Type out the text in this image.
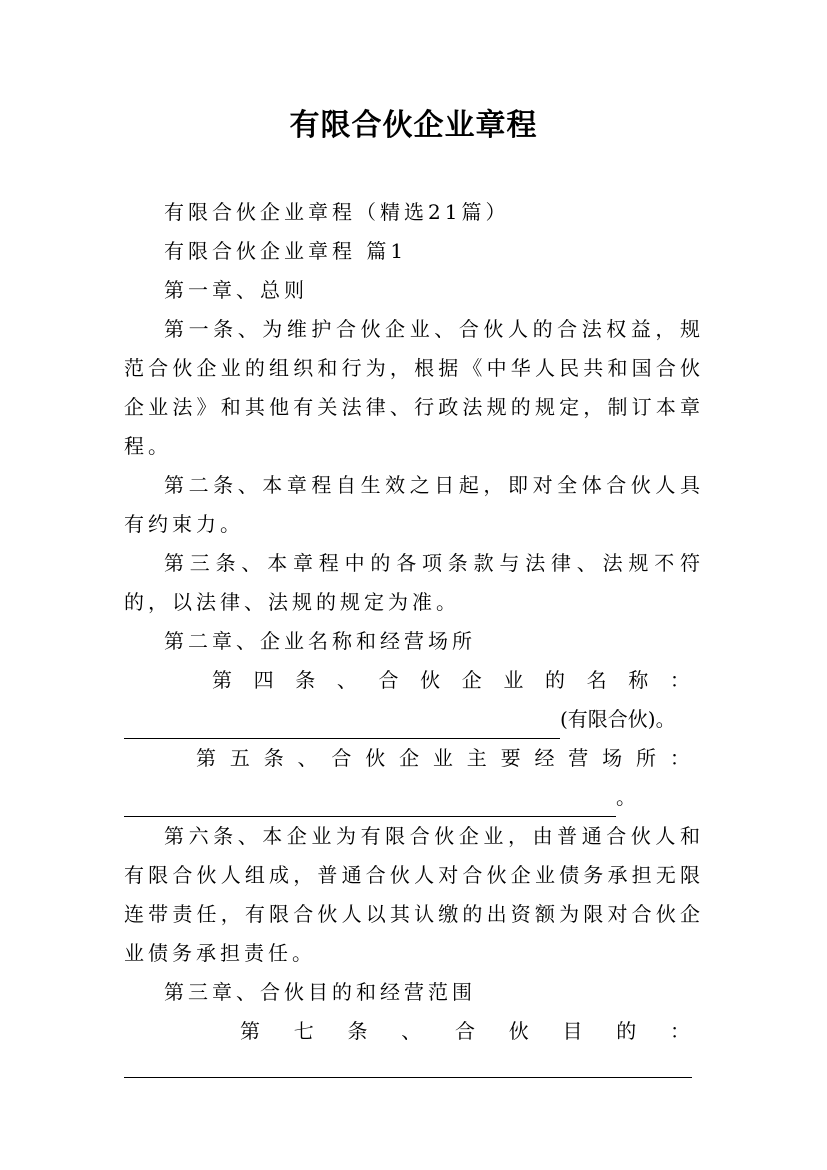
有限合伙企业章程

有限合伙企业章程（精选21篇）

有限合伙企业章程 篇1

第一章、总则

第一条、为维护合伙企业、合伙人的合法权益，规范合伙企业的组织和行为，根据《中华人民共和国合伙企业法》和其他有关法律、行政法规的规定，制订本章程。

第二条、本章程自生效之日起，即对全体合伙人具有约束力。

第三条、本章程中的各项条款与法律、法规不符的，以法律、法规的规定为准。

第二章、企业名称和经营场所

第 四 条 、 合 伙 企 业 的 名 称 ：
(有限合伙)。
第 五 条 、 合 伙 企 业 主 要 经 营 场 所 ：
。

第六条、本企业为有限合伙企业，由普通合伙人和有限合伙人组成，普通合伙人对合伙企业债务承担无限连带责任，有限合伙人以其认缴的出资额为限对合伙企业债务承担责任。

第三章、合伙目的和经营范围

第 七 条 、 合 伙 目 的 ：
